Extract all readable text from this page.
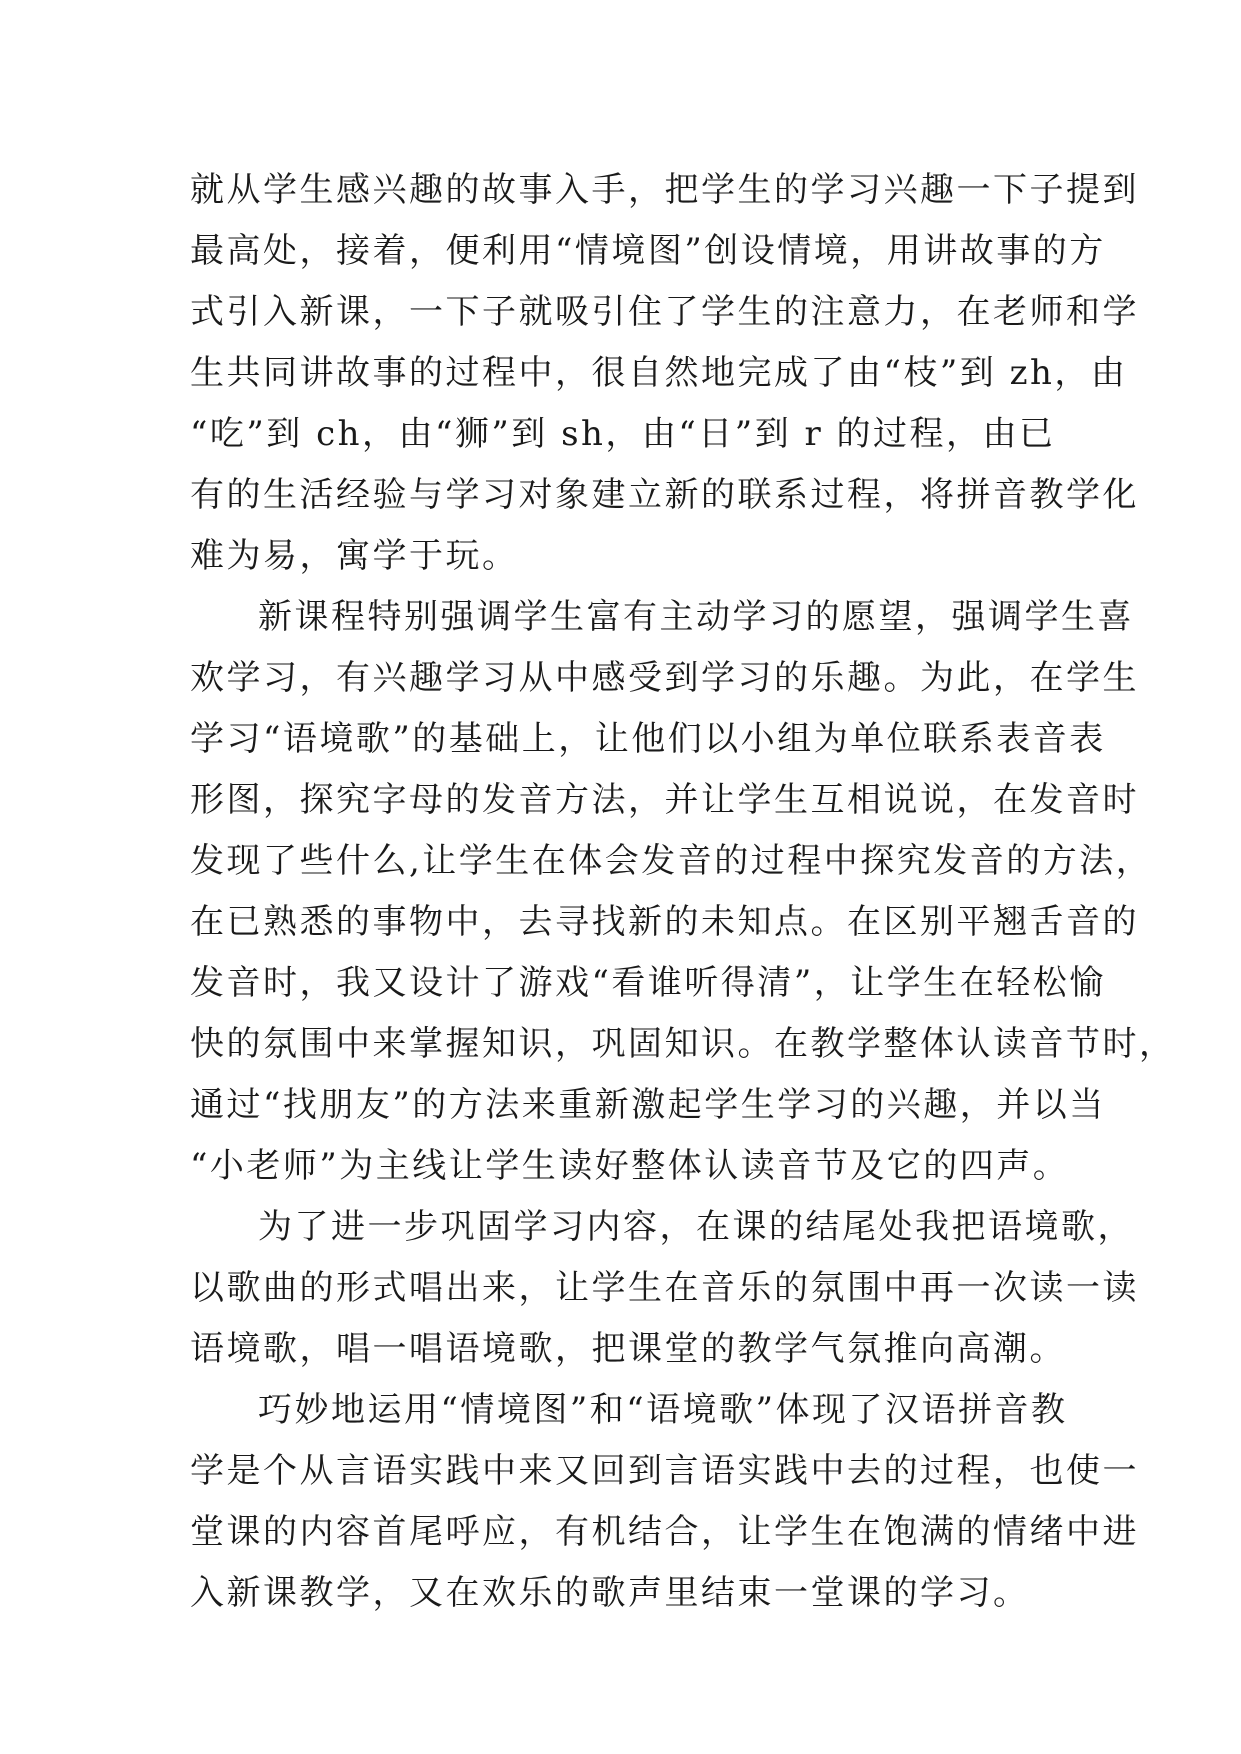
就从学生感兴趣的故事入手，把学生的学习兴趣一下子提到
最高处，接着，便利用“情境图”创设情境，用讲故事的方
式引入新课，一下子就吸引住了学生的注意力，在老师和学
生共同讲故事的过程中，很自然地完成了由“枝”到 zh，由
“吃”到 ch，由“狮”到 sh，由“日”到 r 的过程，由已
有的生活经验与学习对象建立新的联系过程，将拼音教学化
难为易，寓学于玩。
新课程特别强调学生富有主动学习的愿望，强调学生喜
欢学习，有兴趣学习从中感受到学习的乐趣。为此，在学生
学习“语境歌”的基础上，让他们以小组为单位联系表音表
形图，探究字母的发音方法，并让学生互相说说，在发音时
发现了些什么,让学生在体会发音的过程中探究发音的方法，
在已熟悉的事物中，去寻找新的未知点。在区别平翘舌音的
发音时，我又设计了游戏“看谁听得清”，让学生在轻松愉
快的氛围中来掌握知识，巩固知识。在教学整体认读音节时，
通过“找朋友”的方法来重新激起学生学习的兴趣，并以当
“小老师”为主线让学生读好整体认读音节及它的四声。
为了进一步巩固学习内容，在课的结尾处我把语境歌，
以歌曲的形式唱出来，让学生在音乐的氛围中再一次读一读
语境歌，唱一唱语境歌，把课堂的教学气氛推向高潮。
巧妙地运用“情境图”和“语境歌”体现了汉语拼音教
学是个从言语实践中来又回到言语实践中去的过程，也使一
堂课的内容首尾呼应，有机结合，让学生在饱满的情绪中进
入新课教学，又在欢乐的歌声里结束一堂课的学习。
